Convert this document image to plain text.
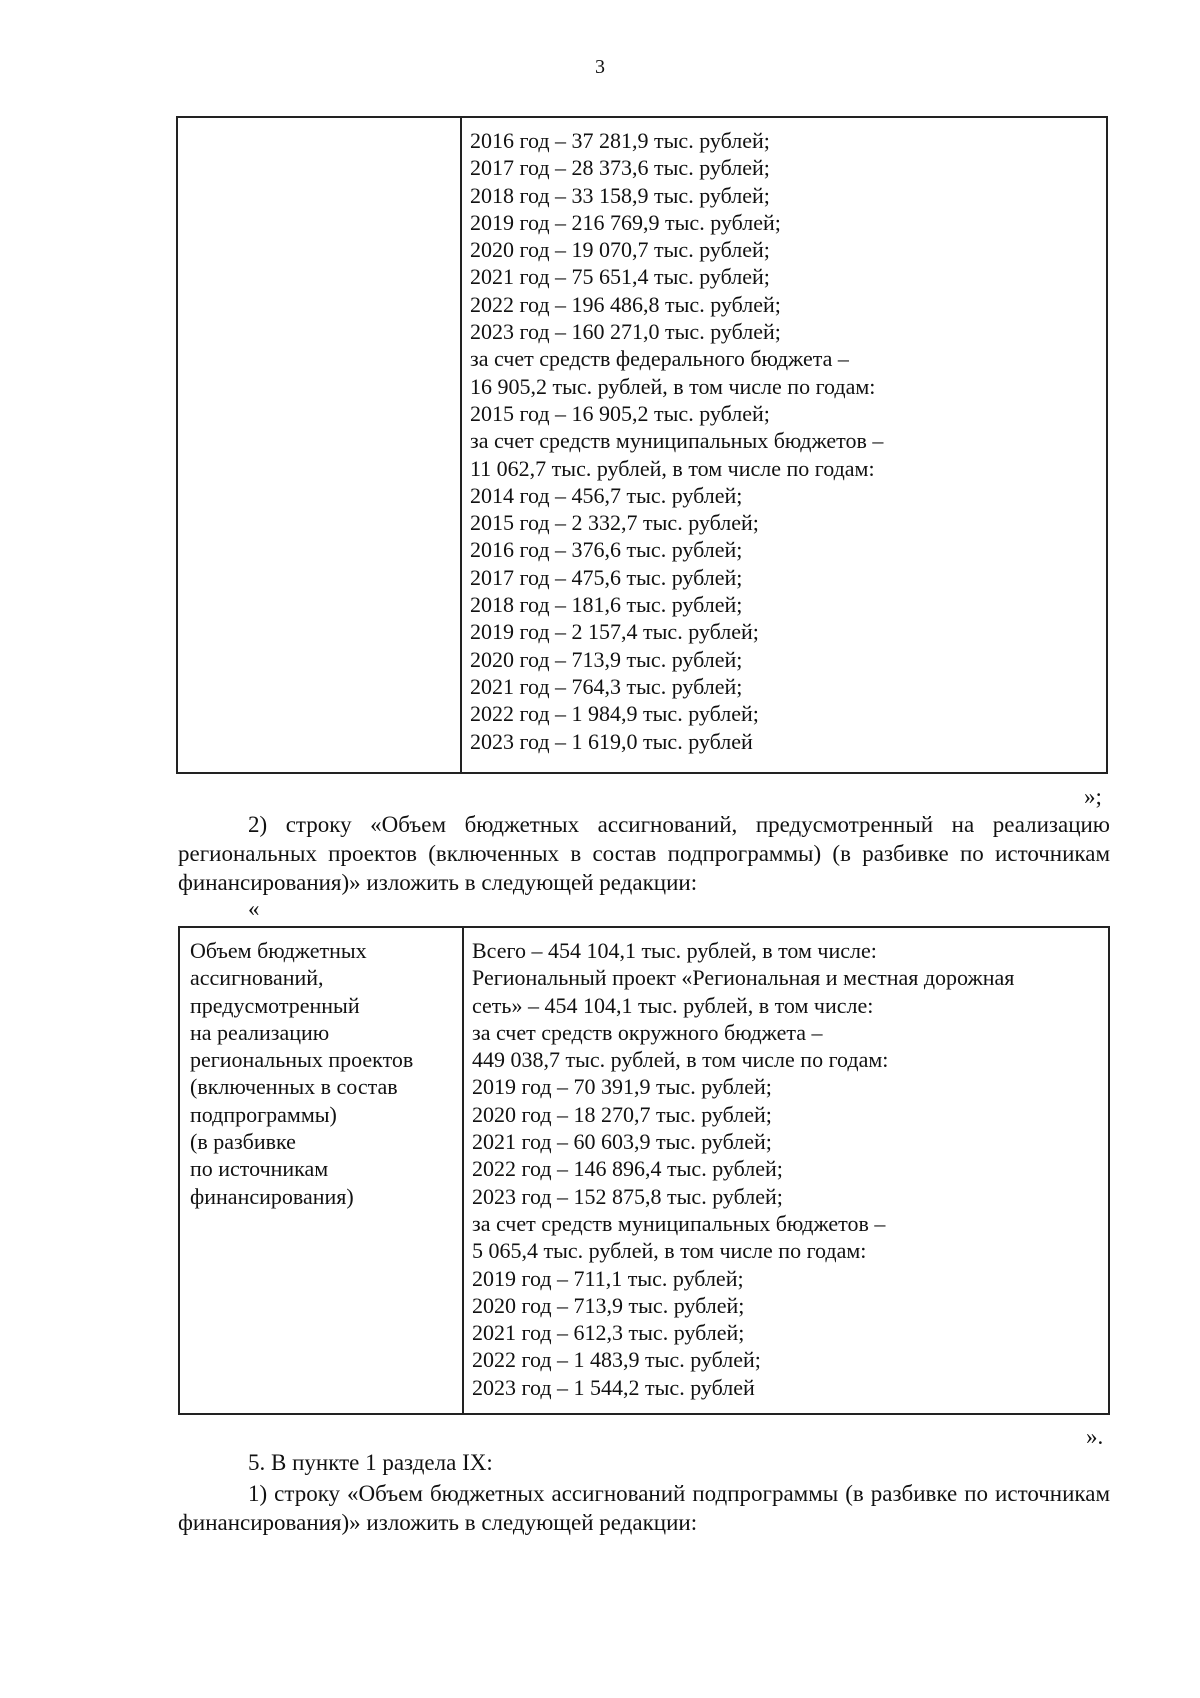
3
2016 год – 37 281,9 тыс. рублей;
2017 год – 28 373,6 тыс. рублей;
2018 год – 33 158,9 тыс. рублей;
2019 год – 216 769,9 тыс. рублей;
2020 год – 19 070,7 тыс. рублей;
2021 год – 75 651,4 тыс. рублей;
2022 год – 196 486,8 тыс. рублей;
2023 год – 160 271,0 тыс. рублей;
за счет средств федерального бюджета –
16 905,2 тыс. рублей, в том числе по годам:
2015 год – 16 905,2 тыс. рублей;
за счет средств муниципальных бюджетов –
11 062,7 тыс. рублей, в том числе по годам:
2014 год – 456,7 тыс. рублей;
2015 год – 2 332,7 тыс. рублей;
2016 год – 376,6 тыс. рублей;
2017 год – 475,6 тыс. рублей;
2018 год – 181,6 тыс. рублей;
2019 год – 2 157,4 тыс. рублей;
2020 год – 713,9 тыс. рублей;
2021 год – 764,3 тыс. рублей;
2022 год – 1 984,9 тыс. рублей;
2023 год – 1 619,0 тыс. рублей
»;
2) строку «Объем бюджетных ассигнований, предусмотренный на реализацию региональных проектов (включенных в состав подпрограммы) (в разбивке по источникам финансирования)» изложить в следующей редакции:
«
Объем бюджетных
ассигнований,
предусмотренный
на реализацию
региональных проектов
(включенных в состав
подпрограммы)
(в разбивке
по источникам
финансирования)
Всего – 454 104,1 тыс. рублей, в том числе:
Региональный проект «Региональная и местная дорожная
сеть» – 454 104,1 тыс. рублей, в том числе:
за счет средств окружного бюджета –
449 038,7 тыс. рублей, в том числе по годам:
2019 год – 70 391,9 тыс. рублей;
2020 год – 18 270,7 тыс. рублей;
2021 год – 60 603,9 тыс. рублей;
2022 год – 146 896,4 тыс. рублей;
2023 год – 152 875,8 тыс. рублей;
за счет средств муниципальных бюджетов –
5 065,4 тыс. рублей, в том числе по годам:
2019 год – 711,1 тыс. рублей;
2020 год – 713,9 тыс. рублей;
2021 год – 612,3 тыс. рублей;
2022 год – 1 483,9 тыс. рублей;
2023 год – 1 544,2 тыс. рублей
».
5. В пункте 1 раздела IX:
1) строку «Объем бюджетных ассигнований подпрограммы (в разбивке по источникам финансирования)» изложить в следующей редакции:
